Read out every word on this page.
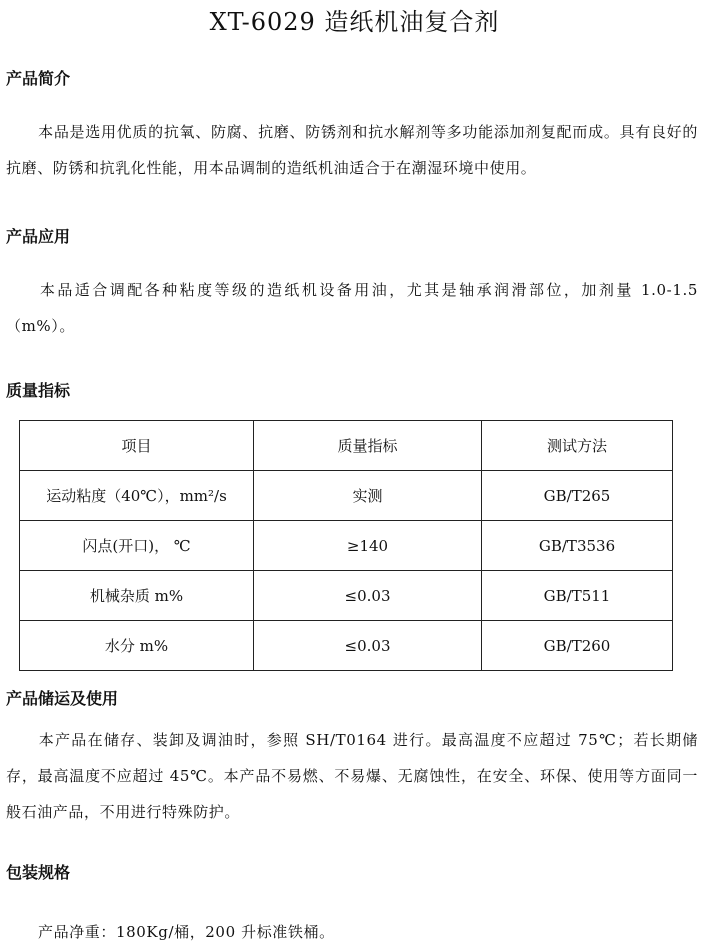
XT-6029 造纸机油复合剂
产品简介
本品是选用优质的抗氧、防腐、抗磨、防锈剂和抗水解剂等多功能添加剂复配而成。具有良好的抗磨、防锈和抗乳化性能，用本品调制的造纸机油适合于在潮湿环境中使用。
产品应用
本品适合调配各种粘度等级的造纸机设备用油，尤其是轴承润滑部位，加剂量 1.0-1.5（m%）。
质量指标
项目	质量指标	测试方法
运动粘度（40℃），mm²/s	实测	GB/T265
闪点(开口)， ℃	≥140	GB/T3536
机械杂质 m%	≤0.03	GB/T511
水分 m%	≤0.03	GB/T260
产品储运及使用
本产品在储存、装卸及调油时，参照 SH/T0164 进行。最高温度不应超过 75℃；若长期储存，最高温度不应超过 45℃。本产品不易燃、不易爆、无腐蚀性，在安全、环保、使用等方面同一般石油产品，不用进行特殊防护。
包装规格
产品净重：180Kg/桶，200 升标准铁桶。
